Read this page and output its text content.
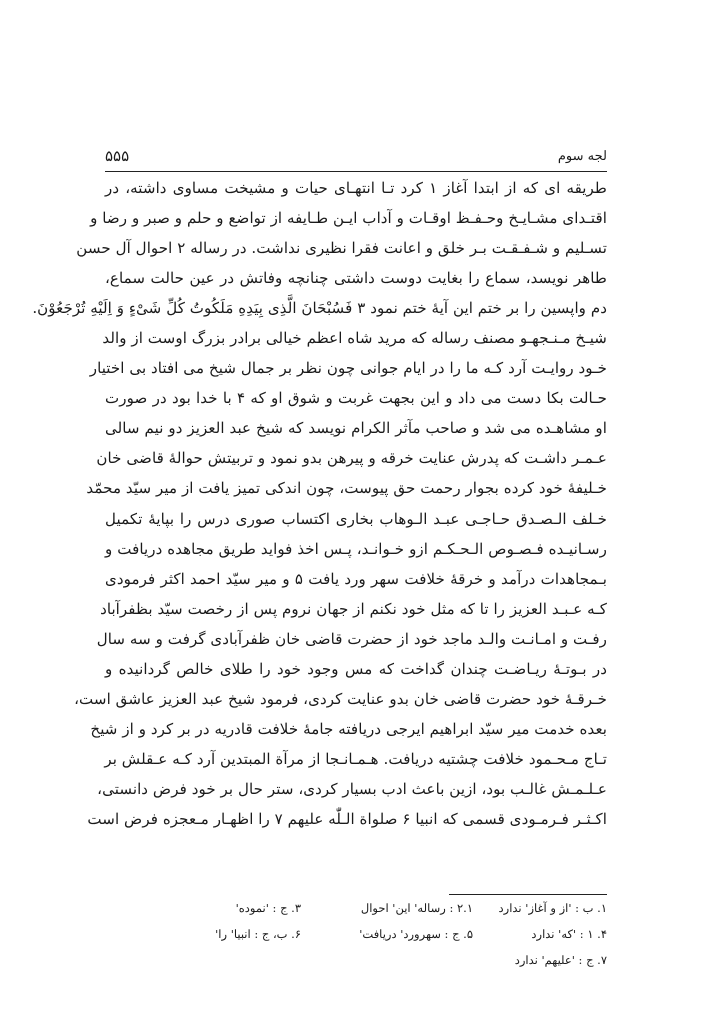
۵۵۵	لجه سوم
طریقه ای که از ابتدا آغاز ۱ کرد تـا انتهـای حیات و مشیخت مساوی داشته، در
اقتـدای مشـایـخ وحـفـظ اوقـات و آداب ایـن طـایفه از تواضع و حلم و صبر و رضا و
تسـلیم و شـفـقـت بـر خلق و اعانت فقرا نظیری نداشت. در رساله ۲ احوال آل حسن
طاهر نویسد، سماع را بغایت دوست داشتی چنانچه وفاتش در عین حالت سماع،
دم واپسین را بر ختم این آیهٔ ختم نمود ۳ فَسُبْحَانَ الَّذِی بِیَدِهِ مَلَکُوتُ کُلِّ شَیْءٍ وَ اِلَیْهِ تُرْجَعُوْنَ.
شیـخ مـنـجهـو مصنف رساله که مرید شاه اعظم خیالی برادر بزرگ اوست از والد
خـود روایـت آرد کـه ما را در ایام جوانی چون نظر بر جمال شیخ می افتاد بی اختیار
حـالت بکا دست می داد و این بجهت غربت و شوق او که ۴ با خدا بود در صورت
او مشاهـده می شد و صاحب مآثر الکرام نویسد که شیخ عبد العزیز دو نیم سالی
عـمـر داشـت که پدرش عنایت خرقه و پیرهن بدو نمود و تربیتش حوالهٔ قاضی خان
خـلیفهٔ خود کرده بجوار رحمت حق پیوست، چون اندکی تمیز یافت از میر سیّد محمّد
خـلف الـصـدق حـاجـی عبـد الـوهاب بخاری اکتساب صوری درس را بپایهٔ تکمیل
رسـانیـده فـصـوص الـحـکـم ازو خـوانـد، پـس اخذ فواید طریق مجاهده دریافت و
بـمجاهدات درآمد و خرقهٔ خلافت سهر ورد یافت ۵ و میر سیّد احمد اکثر فرمودی
کـه عـبـد العزیز را تا که مثل خود نکنم از جهان نروم پس از رخصت سیّد بظفرآباد
رفـت و امـانـت والـد ماجد خود از حضرت قاضی خان ظفرآبادی گرفت و سه سال
در بـوتـهٔ ریـاضـت چندان گداخت که مس وجود خود را طلای خالص گردانیده و
خـرقـهٔ خود حضرت قاضی خان بدو عنایت کردی، فرمود شیخ عبد العزیز عاشق است،
بعده خدمت میر سیّد ابراهیم ایرجی دریافته جامهٔ خلافت قادریه در بر کرد و از شیخ
تـاج مـحـمود خلافت چشتیه دریافت. هـمـانـجا از مرآة المبتدین آرد کـه عـقلش بر
عـلـمـش غالـب بود، ازین باعث ادب بسیار کردی، ستر حال بر خود فرض دانستی،
اکـثـر فـرمـودی قسمی که انبیا ۶ صلواة الـلّٰه علیهم ۷ را اظهـار مـعجزه فرض است
۱. ب : 'از و آغاز' ندارد
۲.۱ : رساله' این' احوال
۳. ج : 'نموده'
۴. ۱ : 'که' ندارد
۵. ج : سهرورد' دریافت'
۶. ب، ج : انبیا' را'
۷. ج : 'علیهم' ندارد
